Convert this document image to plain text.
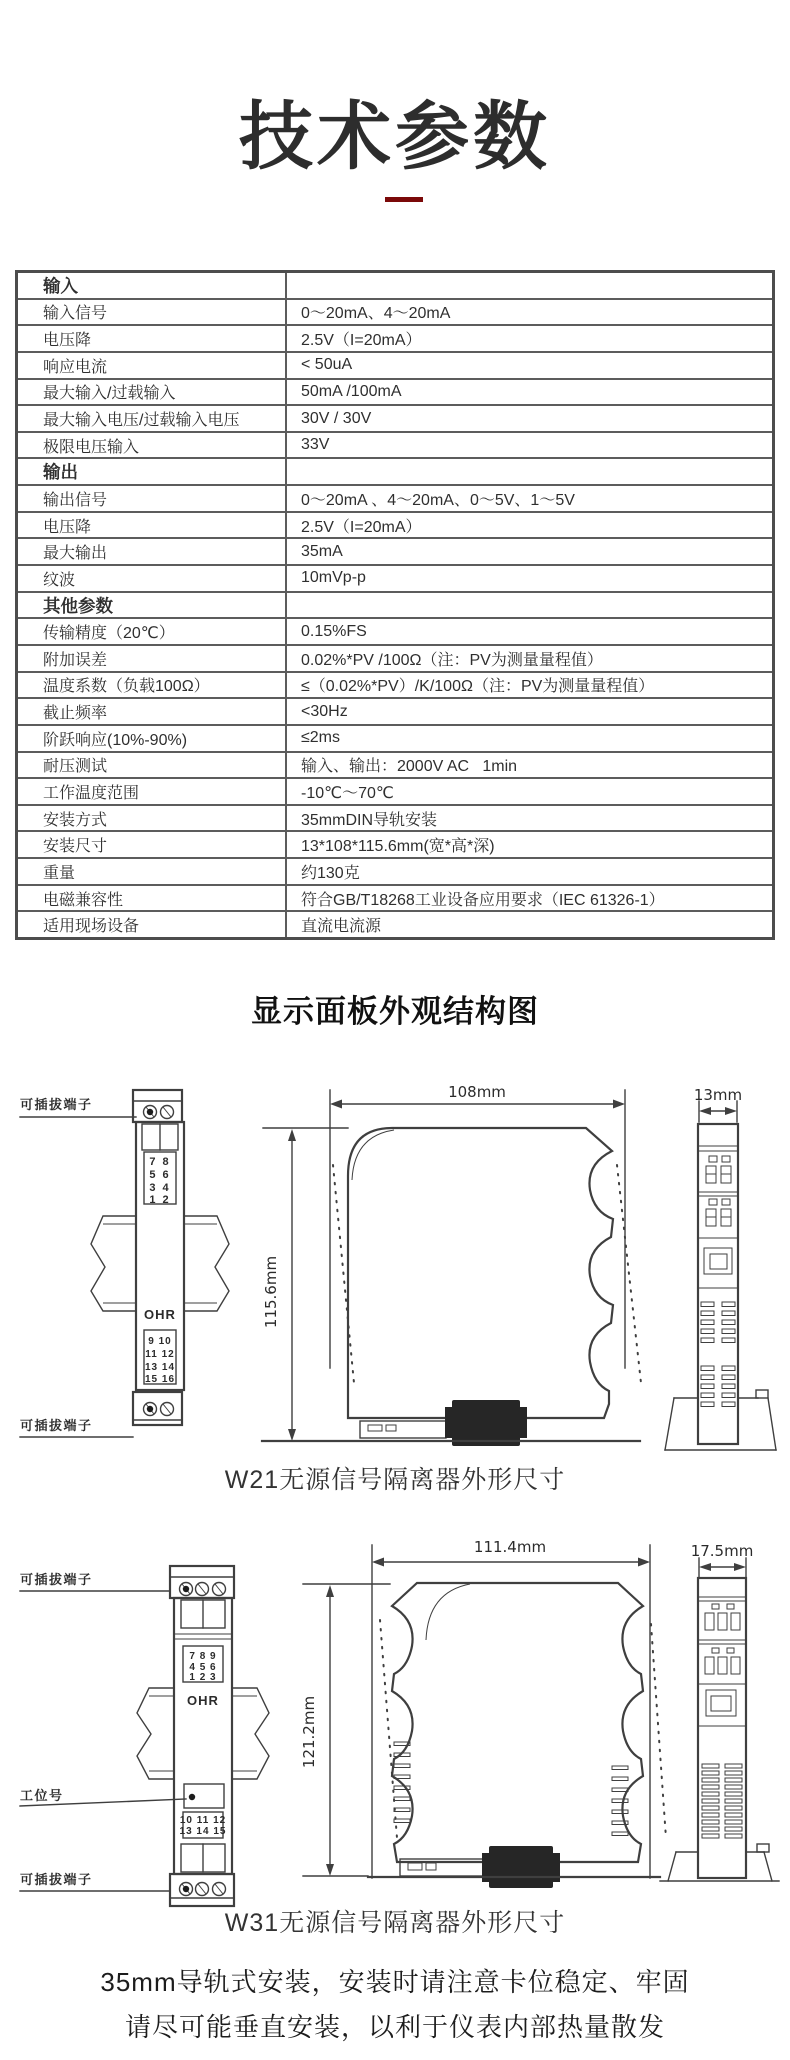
技术参数
输入
输入信号	0～20mA、4～20mA
电压降	2.5V（I=20mA）
响应电流	< 50uA
最大输入/过载输入	50mA /100mA
最大输入电压/过载输入电压	30V / 30V
极限电压输入	33V
输出
输出信号	0～20mA 、4～20mA、0～5V、1～5V
电压降	2.5V（I=20mA）
最大输出	35mA
纹波	10mVp-p
其他参数
传输精度（20℃）	0.15%FS
附加误差	0.02%*PV /100Ω（注：PV为测量量程值）
温度系数（负载100Ω）	≤（0.02%*PV）/K/100Ω（注：PV为测量量程值）
截止频率	<30Hz
阶跃响应(10%-90%)	≤2ms
耐压测试	输入、输出：2000V AC   1min
工作温度范围	-10℃～70℃
安装方式	35mmDIN导轨安装
安装尺寸	13*108*115.6mm(宽*高*深)
重量	约130克
电磁兼容性	符合GB/T18268工业设备应用要求（IEC 61326-1）
适用现场设备	直流电流源
显示面板外观结构图
可插拔端子
7 8
5 6
3 4
1 2
OHR
9 10
11 12
13 14
15 16
可插拔端子
108mm
115.6mm
13mm
W21无源信号隔离器外形尺寸
可插拔端子
7 8 9
4 5 6
1 2 3
OHR
工位号
10 11 12
13 14 15
可插拔端子
111.4mm
121.2mm
17.5mm
W31无源信号隔离器外形尺寸
35mm导轨式安装，安装时请注意卡位稳定、牢固
请尽可能垂直安装，以利于仪表内部热量散发
